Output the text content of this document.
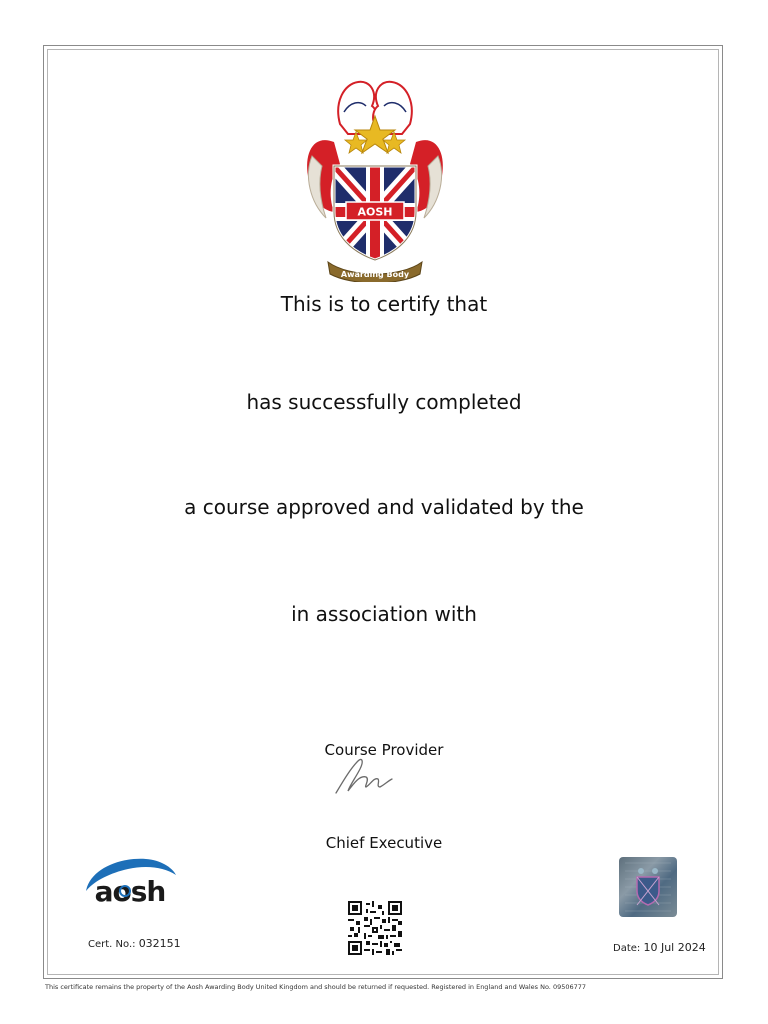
AOSH
Awarding Body
This is to certify that
has successfully completed
a course approved and validated by the
in association with
Course Provider
Chief Executive
aosh
Cert. No.: 032151	Date: 10 Jul 2024
This certificate remains the property of the Aosh Awarding Body United Kingdom and should be returned if requested. Registered in England and Wales No. 09506777
